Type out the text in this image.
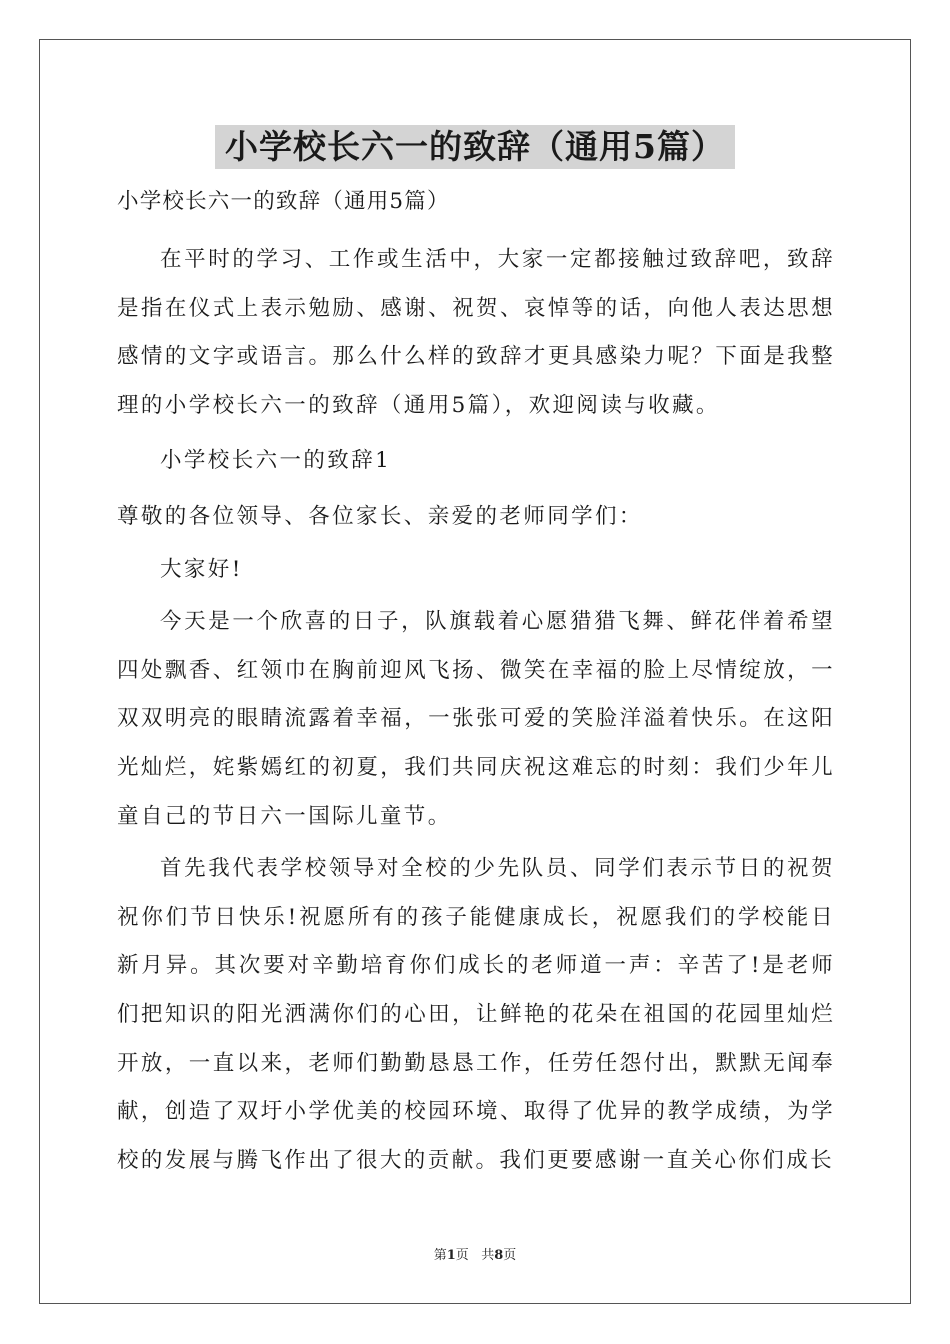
小学校长六一的致辞（通用5篇）
小学校长六一的致辞（通用5篇）

在平时的学习、工作或生活中，大家一定都接触过致辞吧，致辞是指在仪式上表示勉励、感谢、祝贺、哀悼等的话，向他人表达思想感情的文字或语言。那么什么样的致辞才更具感染力呢？下面是我整理的小学校长六一的致辞（通用5篇），欢迎阅读与收藏。

小学校长六一的致辞1

尊敬的各位领导、各位家长、亲爱的老师同学们：

大家好!

今天是一个欣喜的日子，队旗载着心愿猎猎飞舞、鲜花伴着希望四处飘香、红领巾在胸前迎风飞扬、微笑在幸福的脸上尽情绽放，一双双明亮的眼睛流露着幸福，一张张可爱的笑脸洋溢着快乐。在这阳光灿烂，姹紫嫣红的初夏，我们共同庆祝这难忘的时刻：我们少年儿童自己的节日六一国际儿童节。

首先我代表学校领导对全校的少先队员、同学们表示节日的祝贺祝你们节日快乐!祝愿所有的孩子能健康成长，祝愿我们的学校能日新月异。其次要对辛勤培育你们成长的老师道一声：辛苦了!是老师们把知识的阳光洒满你们的心田，让鲜艳的花朵在祖国的花园里灿烂开放，一直以来，老师们勤勤恳恳工作，任劳任怨付出，默默无闻奉献，创造了双圩小学优美的校园环境、取得了优异的教学成绩，为学校的发展与腾飞作出了很大的贡献。我们更要感谢一直关心你们成长

第1页 共8页
